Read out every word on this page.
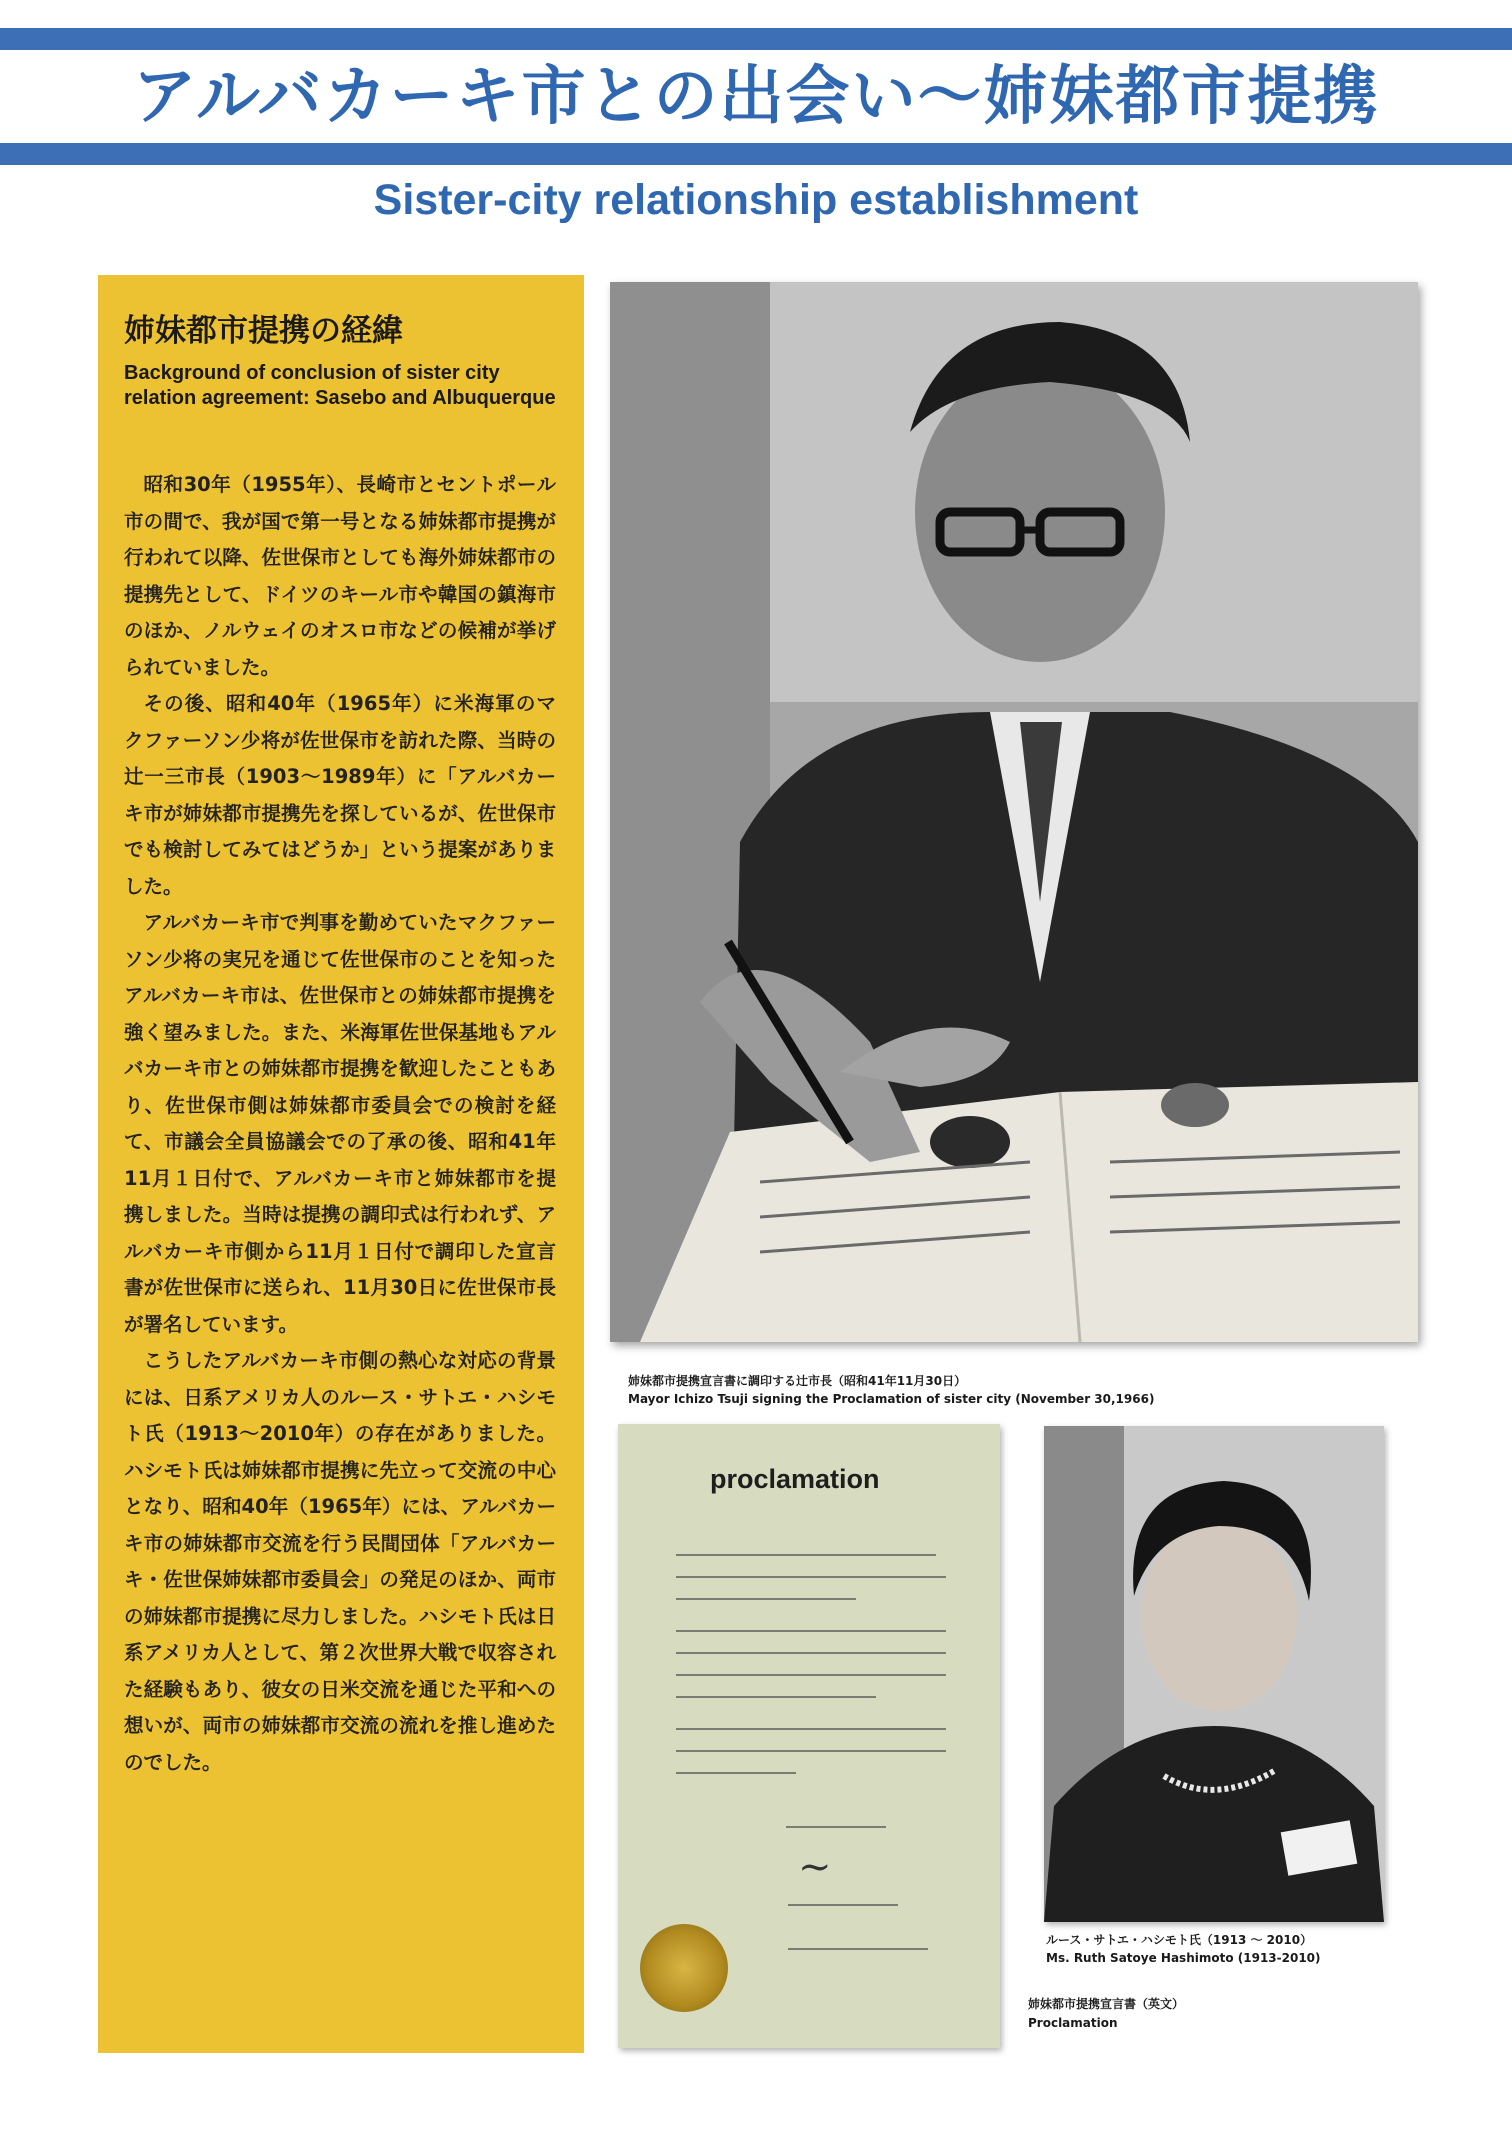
アルバカーキ市との出会い～姉妹都市提携
Sister-city relationship establishment
姉妹都市提携の経緯
Background of conclusion of sister city
relation agreement: Sasebo and Albuquerque

昭和30年（1955年）、長崎市とセントポール市の間で、我が国で第一号となる姉妹都市提携が行われて以降、佐世保市としても海外姉妹都市の提携先として、ドイツのキール市や韓国の鎮海市のほか、ノルウェイのオスロ市などの候補が挙げられていました。

その後、昭和40年（1965年）に米海軍のマクファーソン少将が佐世保市を訪れた際、当時の辻一三市長（1903～1989年）に「アルバカーキ市が姉妹都市提携先を探しているが、佐世保市でも検討してみてはどうか」という提案がありました。

アルバカーキ市で判事を勤めていたマクファーソン少将の実兄を通じて佐世保市のことを知ったアルバカーキ市は、佐世保市との姉妹都市提携を強く望みました。また、米海軍佐世保基地もアルバカーキ市との姉妹都市提携を歓迎したこともあり、佐世保市側は姉妹都市委員会での検討を経て、市議会全員協議会での了承の後、昭和41年11月１日付で、アルバカーキ市と姉妹都市を提携しました。当時は提携の調印式は行われず、アルバカーキ市側から11月１日付で調印した宣言書が佐世保市に送られ、11月30日に佐世保市長が署名しています。

こうしたアルバカーキ市側の熱心な対応の背景には、日系アメリカ人のルース・サトエ・ハシモト氏（1913～2010年）の存在がありました。ハシモト氏は姉妹都市提携に先立って交流の中心となり、昭和40年（1965年）には、アルバカーキ市の姉妹都市交流を行う民間団体「アルバカーキ・佐世保姉妹都市委員会」の発足のほか、両市の姉妹都市提携に尽力しました。ハシモト氏は日系アメリカ人として、第２次世界大戦で収容された経験もあり、彼女の日米交流を通じた平和への想いが、両市の姉妹都市交流の流れを推し進めたのでした。

姉妹都市提携宣言書に調印する辻市長（昭和41年11月30日）
Mayor Ichizo Tsuji signing the Proclamation of sister city (November 30,1966)
proclamation
~
ルース・サトエ・ハシモト氏（1913 ～ 2010）
Ms. Ruth Satoye Hashimoto (1913-2010)
姉妹都市提携宣言書（英文）
Proclamation
